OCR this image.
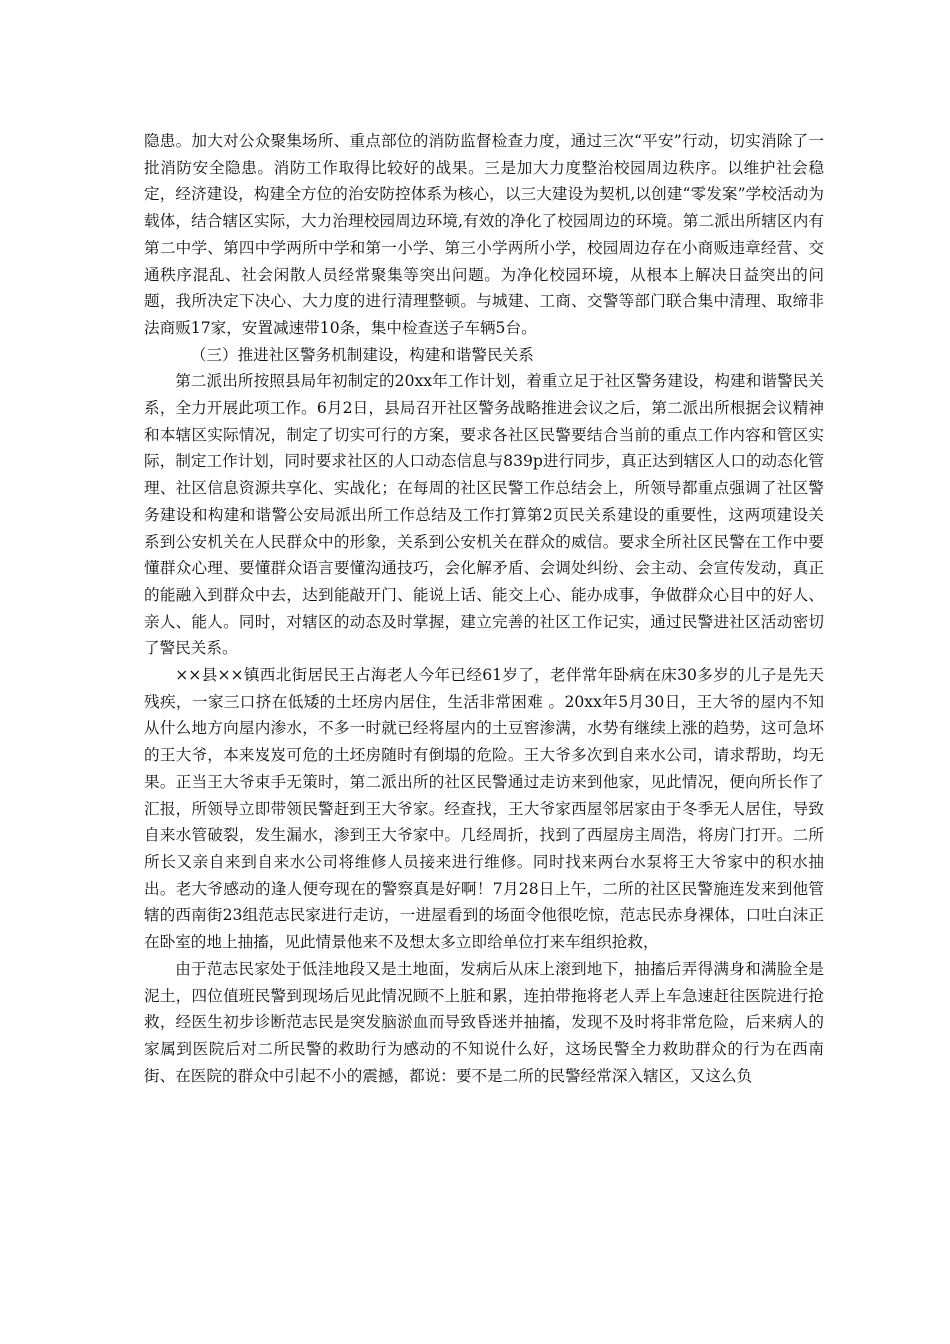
隐患。加大对公众聚集场所、重点部位的消防监督检查力度，通过三次“平安”行动，切实消除了一批消防安全隐患。消防工作取得比较好的战果。三是加大力度整治校园周边秩序。以维护社会稳定，经济建设，构建全方位的治安防控体系为核心，以三大建设为契机,以创建“零发案”学校活动为载体，结合辖区实际，大力治理校园周边环境,有效的净化了校园周边的环境。第二派出所辖区内有第二中学、第四中学两所中学和第一小学、第三小学两所小学，校园周边存在小商贩违章经营、交通秩序混乱、社会闲散人员经常聚集等突出问题。为净化校园环境，从根本上解决日益突出的问题，我所决定下决心、大力度的进行清理整顿。与城建、工商、交警等部门联合集中清理、取缔非法商贩17家，安置减速带10条，集中检查送子车辆5台。

（三）推进社区警务机制建设，构建和谐警民关系

第二派出所按照县局年初制定的20xx年工作计划，着重立足于社区警务建设，构建和谐警民关系，全力开展此项工作。6月2日，县局召开社区警务战略推进会议之后，第二派出所根据会议精神和本辖区实际情况，制定了切实可行的方案，要求各社区民警要结合当前的重点工作内容和管区实际，制定工作计划，同时要求社区的人口动态信息与839p进行同步，真正达到辖区人口的动态化管理、社区信息资源共享化、实战化；在每周的社区民警工作总结会上，所领导都重点强调了社区警务建设和构建和谐警公安局派出所工作总结及工作打算第2页民关系建设的重要性，这两项建设关系到公安机关在人民群众中的形象，关系到公安机关在群众的威信。要求全所社区民警在工作中要懂群众心理、要懂群众语言要懂沟通技巧，会化解矛盾、会调处纠纷、会主动、会宣传发动，真正的能融入到群众中去，达到能敲开门、能说上话、能交上心、能办成事，争做群众心目中的好人、亲人、能人。同时，对辖区的动态及时掌握，建立完善的社区工作记实，通过民警进社区活动密切了警民关系。

××县××镇西北街居民王占海老人今年已经61岁了，老伴常年卧病在床30多岁的儿子是先天残疾，一家三口挤在低矮的土坯房内居住，生活非常困难 。20xx年5月30日，王大爷的屋内不知从什么地方向屋内渗水，不多一时就已经将屋内的土豆窖渗满，水势有继续上涨的趋势，这可急坏的王大爷，本来岌岌可危的土坯房随时有倒塌的危险。王大爷多次到自来水公司，请求帮助，均无果。正当王大爷束手无策时，第二派出所的社区民警通过走访来到他家，见此情况，便向所长作了汇报，所领导立即带领民警赶到王大爷家。经查找，王大爷家西屋邻居家由于冬季无人居住，导致自来水管破裂，发生漏水，渗到王大爷家中。几经周折，找到了西屋房主周浩，将房门打开。二所所长又亲自来到自来水公司将维修人员接来进行维修。同时找来两台水泵将王大爷家中的积水抽出。老大爷感动的逢人便夸现在的警察真是好啊！7月28日上午，二所的社区民警施连发来到他管辖的西南街23组范志民家进行走访，一进屋看到的场面令他很吃惊，范志民赤身裸体，口吐白沫正在卧室的地上抽搐，见此情景他来不及想太多立即给单位打来车组织抢救，

由于范志民家处于低洼地段又是土地面，发病后从床上滚到地下，抽搐后弄得满身和满脸全是泥土，四位值班民警到现场后见此情况顾不上脏和累，连拍带拖将老人弄上车急速赶往医院进行抢救，经医生初步诊断范志民是突发脑淤血而导致昏迷并抽搐，发现不及时将非常危险，后来病人的家属到医院后对二所民警的救助行为感动的不知说什么好，这场民警全力救助群众的行为在西南街、在医院的群众中引起不小的震撼，都说：要不是二所的民警经常深入辖区，又这么负
